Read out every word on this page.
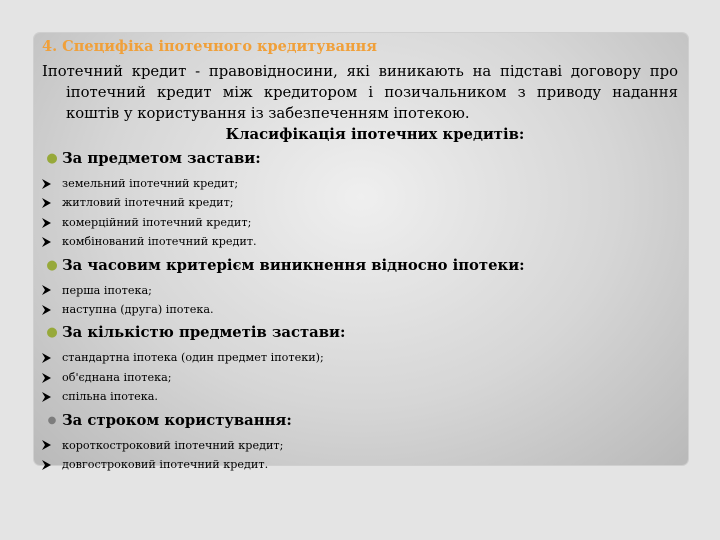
4. Специфіка іпотечного кредитування

Іпотечний кредит - правовідносини, які виникають на підставі договору про іпотечний кредит між кредитором і позичальником з приводу надання коштів у користування із забезпеченням іпотекою.

Класифікація іпотечних кредитів:

● За предметом застави:
земельний іпотечний кредит;
житловий іпотечний кредит;
комерційний іпотечний кредит;
комбінований іпотечний кредит.
● За часовим критерієм виникнення відносно іпотеки:
перша іпотека;
наступна (друга) іпотека.
● За кількістю предметів застави:
стандартна іпотека (один предмет іпотеки);
об'єднана іпотека;
спільна іпотека.
● За строком користування:
короткостроковий іпотечний кредит;
довгостроковий іпотечний кредит.
